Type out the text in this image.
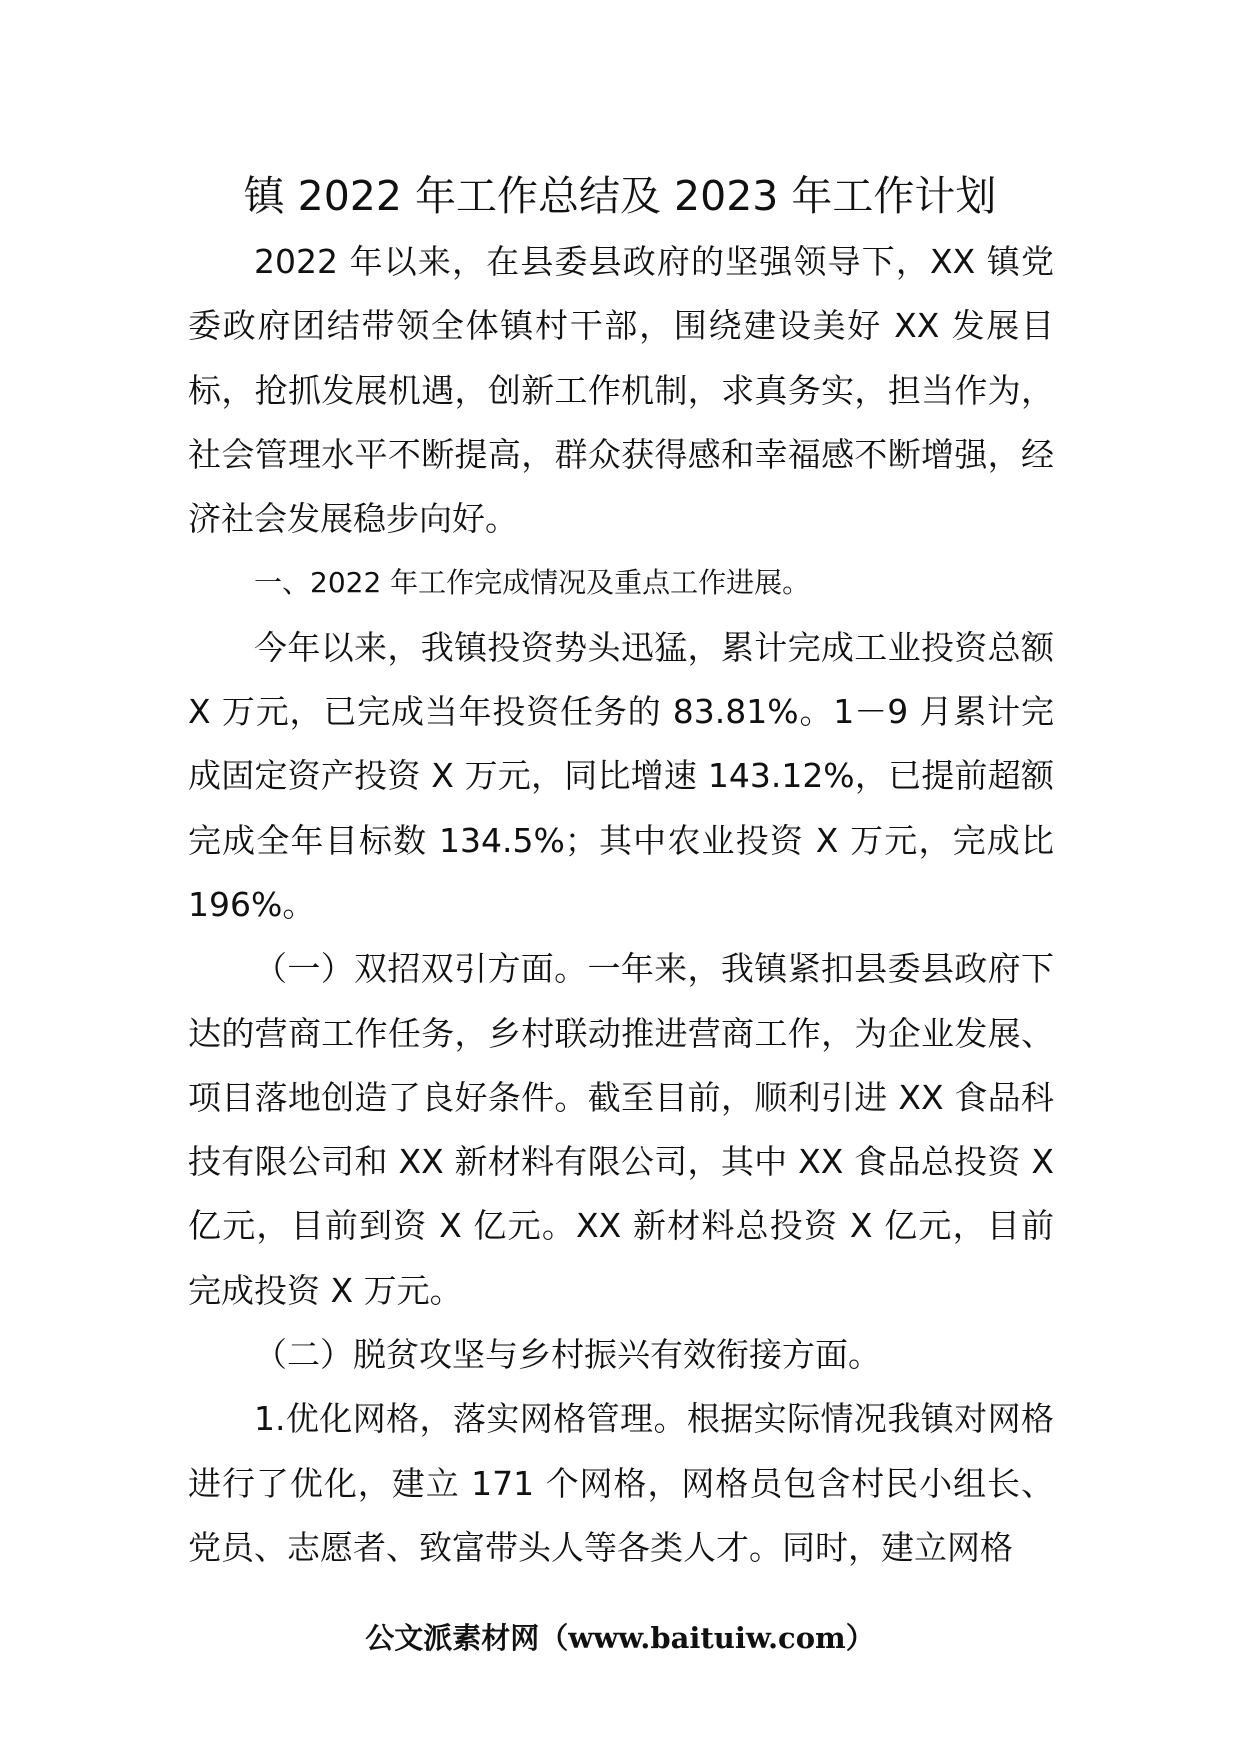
镇 2022 年工作总结及 2023 年工作计划

2022 年以来，在县委县政府的坚强领导下，XX 镇党委政府团结带领全体镇村干部，围绕建设美好 XX 发展目标，抢抓发展机遇，创新工作机制，求真务实，担当作为，社会管理水平不断提高，群众获得感和幸福感不断增强，经济社会发展稳步向好。

一、2022 年工作完成情况及重点工作进展。

今年以来，我镇投资势头迅猛，累计完成工业投资总额 X 万元，已完成当年投资任务的 83.81%。1－9 月累计完成固定资产投资 X 万元，同比增速 143.12%，已提前超额完成全年目标数 134.5%；其中农业投资 X 万元，完成比 196%。

（一）双招双引方面。一年来，我镇紧扣县委县政府下达的营商工作任务，乡村联动推进营商工作，为企业发展、项目落地创造了良好条件。截至目前，顺利引进 XX 食品科技有限公司和 XX 新材料有限公司，其中 XX 食品总投资 X 亿元，目前到资 X 亿元。XX 新材料总投资 X 亿元，目前完成投资 X 万元。

（二）脱贫攻坚与乡村振兴有效衔接方面。

1.优化网格，落实网格管理。根据实际情况我镇对网格进行了优化，建立 171 个网格，网格员包含村民小组长、党员、志愿者、致富带头人等各类人才。同时，建立网格

公文派素材网（www.baituiw.com）
